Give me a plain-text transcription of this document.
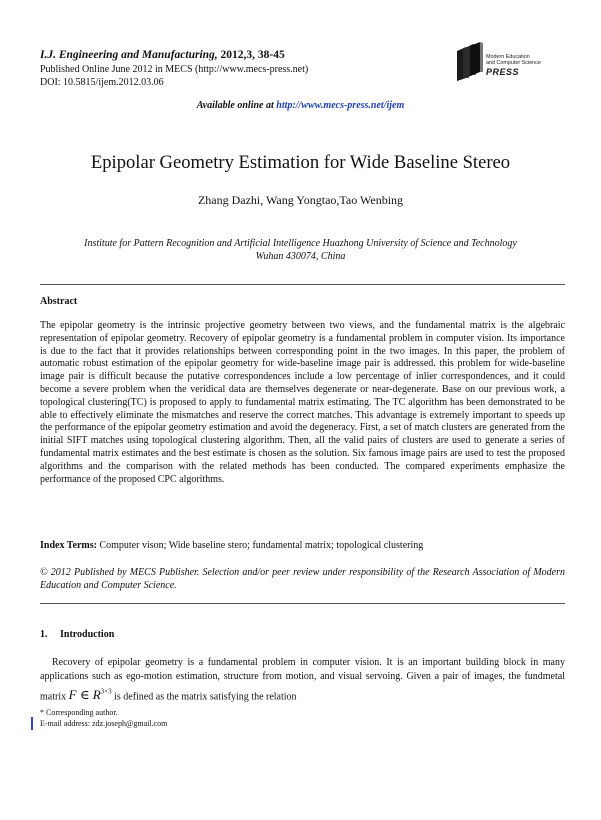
I.J. Engineering and Manufacturing, 2012,3, 38-45
Published Online June 2012 in MECS (http://www.mecs-press.net)
DOI: 10.5815/ijem.2012.03.06
Modern Education
and Computer Science
PRESS
Available online at http://www.mecs-press.net/ijem
Epipolar Geometry Estimation for Wide Baseline Stereo
Zhang Dazhi, Wang Yongtao,Tao Wenbing
Institute for Pattern Recognition and Artificial Intelligence Huazhong University of Science and Technology
Wuhan 430074, China
Abstract
The epipolar geometry is the intrinsic projective geometry between two views, and the fundamental matrix is the algebraic representation of epipolar geometry. Recovery of epipolar geometry is a fundamental problem in computer vision. Its importance is due to the fact that it provides relationships between corresponding point in the two images. In this paper, the problem of automatic robust estimation of the epipolar geometry for wide-baseline image pair is addressed. this problem for wide-baseline image pair is difficult because the putative correspondences include a low percentage of inlier correspondences, and it could become a severe problem when the veridical data are themselves degenerate or near-degenerate. Base on our previous work, a topological clustering(TC) is proposed to apply to fundamental matrix estimating. The TC algorithm has been demonstrated to be able to effectively eliminate the mismatches and reserve the correct matches. This advantage is extremely important to speeds up the performance of the epipolar geometry estimation and avoid the degeneracy. First, a set of match clusters are generated from the initial SIFT matches using topological clustering algorithm. Then, all the valid pairs of clusters are used to generate a series of fundamental matrix estimates and the best estimate is chosen as the solution. Six famous image pairs are used to test the proposed algorithms and the comparison with the related methods has been conducted. The compared experiments emphasize the performance of the proposed CPC algorithms.
Index Terms: Computer vison; Wide baseline stero; fundamental matrix; topological clustering
© 2012 Published by MECS Publisher. Selection and/or peer review under responsibility of the Research Association of Modern Education and Computer Science.
1. Introduction

Recovery of epipolar geometry is a fundamental problem in computer vision. It is an important building block in many applications such as ego-motion estimation, structure from motion, and visual servoing. Given a pair of images, the fundmetal matrix F ∈ $R^{3\times 3}$ is defined as the matrix satisfying the relation

* Corresponding author.
E-mail address: zdz.joseph@gmail.com
